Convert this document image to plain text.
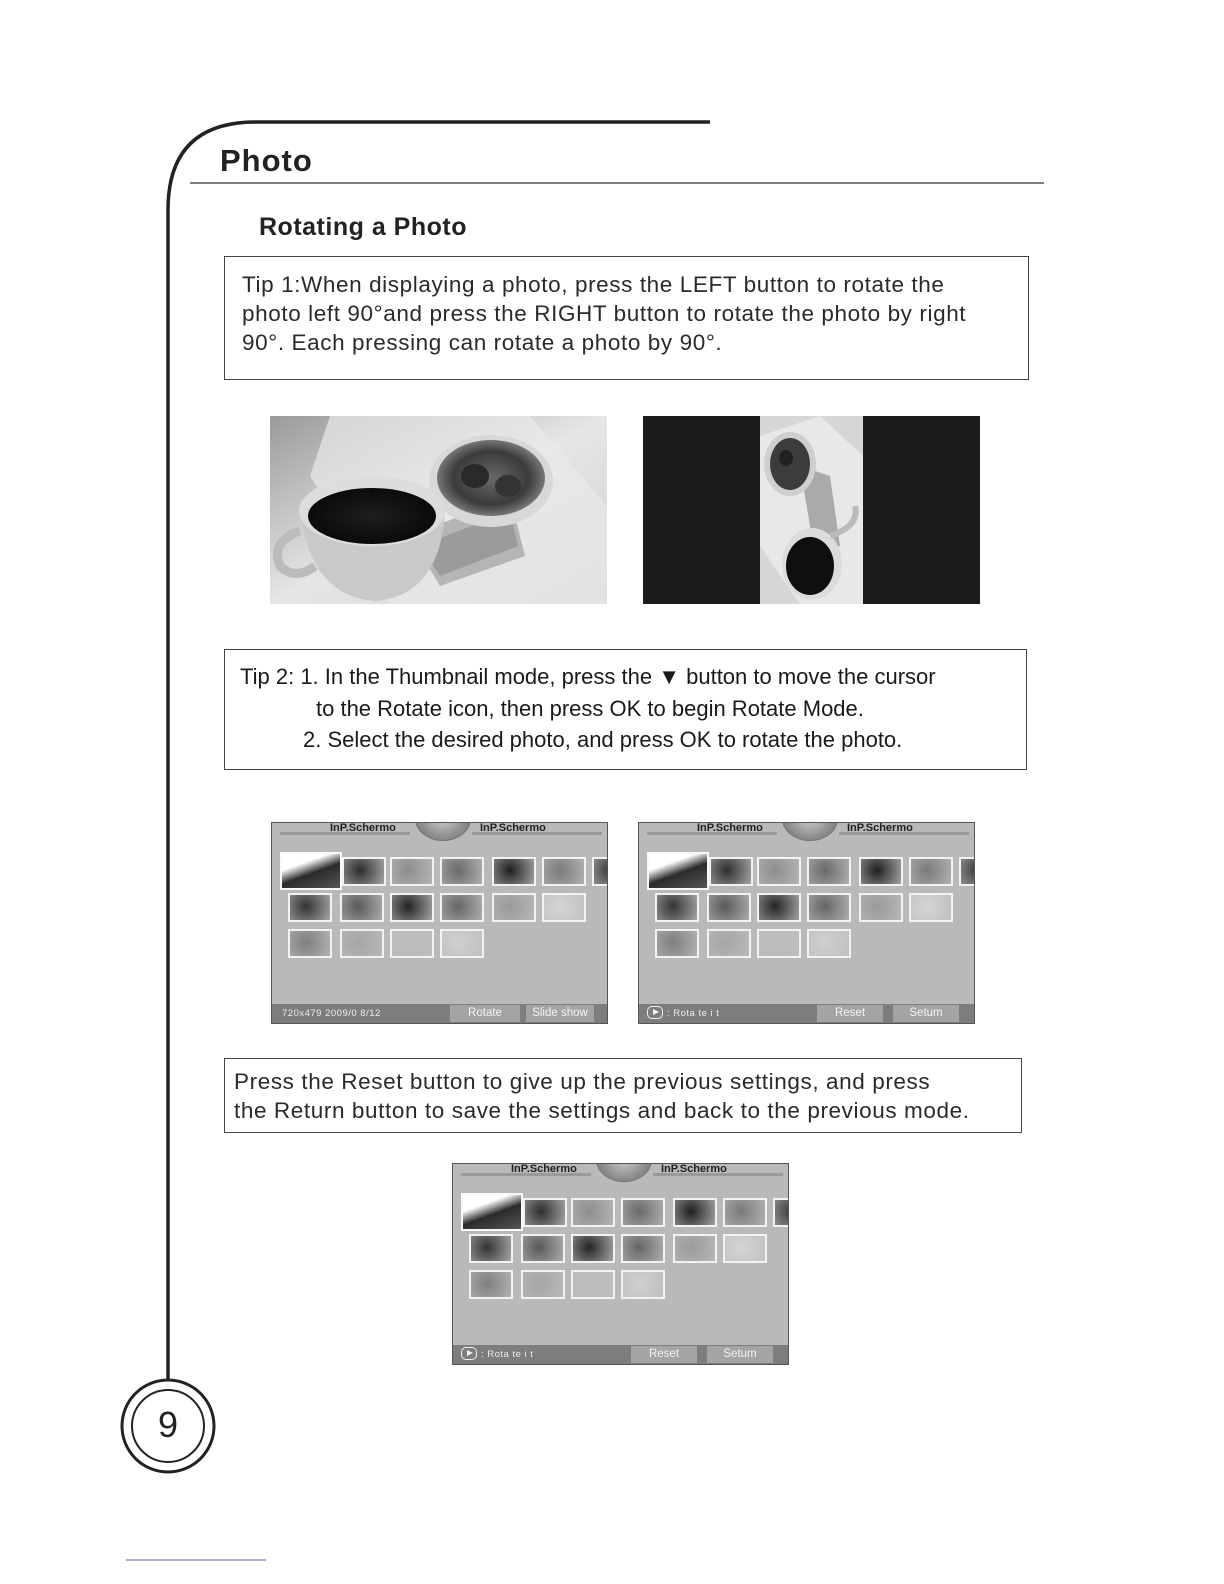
Photo
Rotating a Photo

Tip 1:When displaying a photo, press the LEFT button to rotate the

photo left 90°and press the RIGHT button to rotate the photo by right

90°. Each pressing can rotate a photo by 90°.

Tip 2: 1. In the Thumbnail mode, press the ▼ button to move the cursor

to the Rotate icon, then press OK to begin Rotate Mode.

2. Select the desired photo, and press OK to rotate the photo.

InP.Schermo	InP.Schermo
720x479 2009/0 8/12	Rotate	Slide show
InP.Schermo	InP.Schermo
: Rota te i t	Reset	Setum

Press the Reset button to give up the previous settings, and press

the Return button to save the settings and back to the previous mode.

InP.Schermo	InP.Schermo
: Rota te i t	Reset	Setum
9
